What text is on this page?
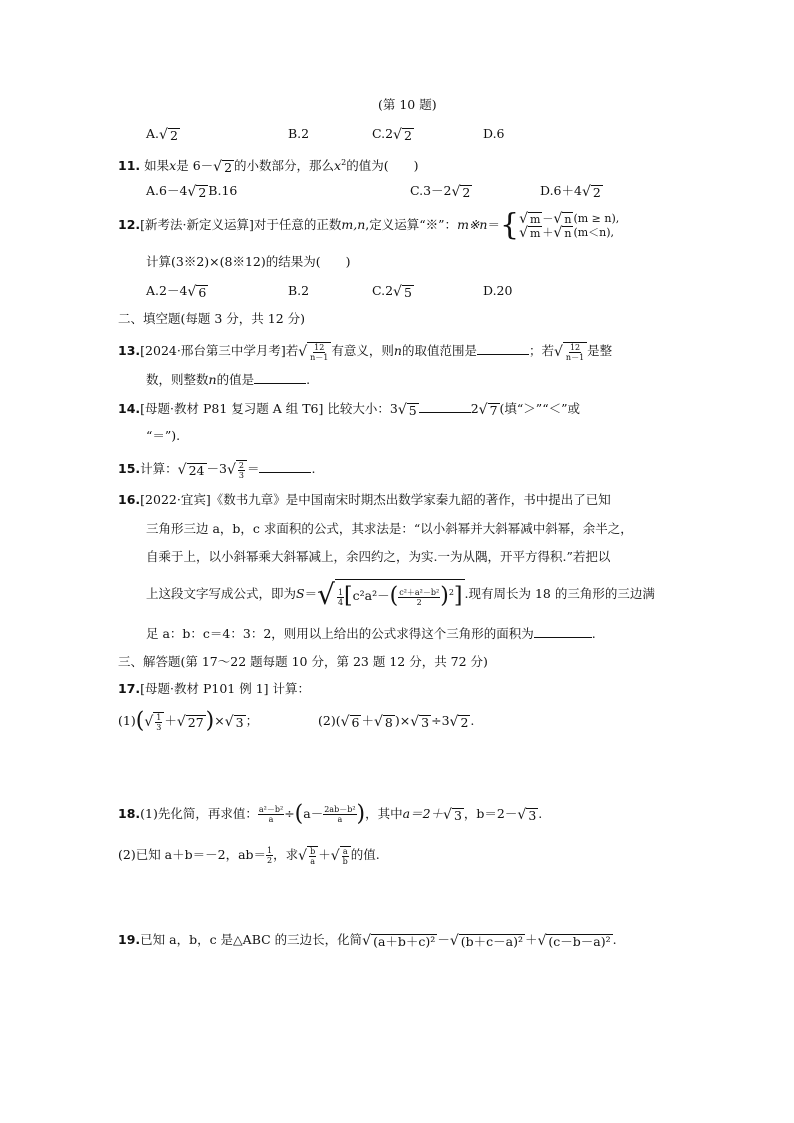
(第 10 题)
A.√ 2	B.2	C.2√ 2	D.6
11. 如果x是 6－√ 2 的小数部分，那么$x^2$的值为(　　)
A.6－4√ 2 B.16	C.3－2√ 2	D.6＋4√ 2
12.[新考法·新定义运算]对于任意的正数m,n,定义运算“※”：m※n＝{ √ m －√ n (m ≥ n),
√ m ＋√ n (m＜n),
计算(3※2)×(8※12)的结果为(　　)
A.2－4√ 6	B.2	C.2√ 5	D.20
二、填空题(每题 3 分，共 12 分)
13.[2024·邢台第三中学月考]若√ $\frac{12}{n-1}$ 有意义，则n的取值范围是	；若√ $\frac{12}{n-1}$ 是整
数，则整数n的值是	.
14.[母题·教材 P81 复习题 A 组 T6] 比较大小：3√ 5	2√ 7 (填“＞”“＜”或
“＝”).
15.计算：√ $24 -3√ \frac{2}{3}$ ＝	.
16.[2022·宜宾]《数书九章》是中国南宋时期杰出数学家秦九韶的著作，书中提出了已知
三角形三边 a，b，c 求面积的公式，其求法是：“以小斜幂并大斜幂减中斜幂，余半之，
自乘于上，以小斜幂乘大斜幂减上，余四约之，为实.一为从隅，开平方得积.”若把以
上这段文字写成公式，即为$S=√ \frac{1}{4} [c^2a^2-( \frac{\text{c²＋a²－b²}}{2} )^2]$ .现有周长为 18 的三角形的三边满
足 a：b：c＝4：3：2，则用以上给出的公式求得这个三角形的面积为	.
三、解答题(第 17～22 题每题 10 分，第 23 题 12 分，共 72 分)
17.[母题·教材 P101 例 1] 计算：
$(1)(√ \frac{1}{3}$ ＋√ 27)×√ 3 ；	(2)(√ 6 ＋√ 8 )×√ 3 ÷3√ 2 .
18.(1)先化简，再求值： $\frac{\text{a²－b²}}{a} \div(a- \frac{\text{2ab－b²}}{a}$ )，其中a＝2＋√ 3 ，b＝2－√ 3 .
(2)已知 a＋b＝－2，$ab= \frac{1}{2}$ ，求√ $\frac{b}{a}$ ＋√ $\frac{a}{b}$ 的值.
19.已知 a，b，c 是△ABC 的三边长，化简√ (a＋b＋c)² －√ (b＋c－a)² ＋√ (c－b－a)² .
